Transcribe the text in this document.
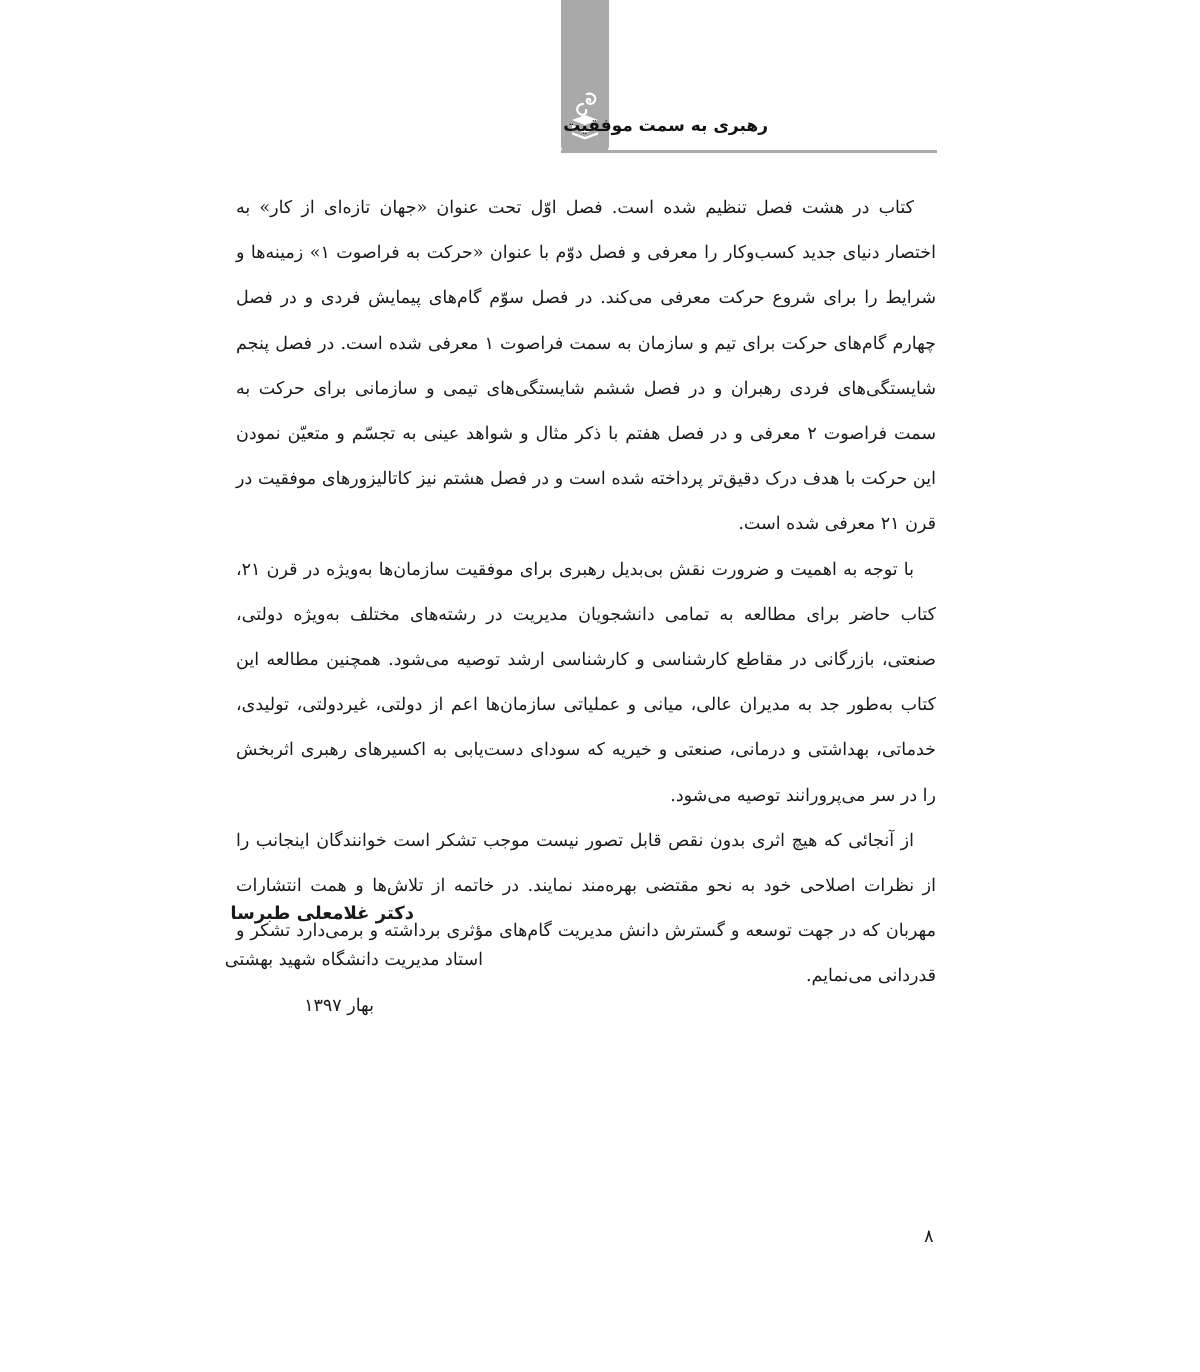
رهبری به سمت موفقیت

کتاب در هشت فصل تنظیم شده است. فصل اوّل تحت عنوان «جهان تازه‌ای از کار» به اختصار دنیای جدید کسب‌وکار را معرفی و فصل دوّم با عنوان «حرکت به فراصوت ۱» زمینه‌ها و شرایط را برای شروع حرکت معرفی می‌کند. در فصل سوّم گام‌های پیمایش فردی و در فصل چهارم گام‌های حرکت برای تیم و سازمان به سمت فراصوت ۱ معرفی شده است. در فصل پنجم شایستگی‌های فردی رهبران و در فصل ششم شایستگی‌های تیمی و سازمانی برای حرکت به سمت فراصوت ۲ معرفی و در فصل هفتم با ذکر مثال و شواهد عینی به تجسّم و متعیّن نمودن این حرکت با هدف درک دقیق‌تر پرداخته شده است و در فصل هشتم نیز کاتالیزورهای موفقیت در قرن ۲۱ معرفی شده است.

با توجه به اهمیت و ضرورت نقش بی‌بدیل رهبری برای موفقیت سازمان‌ها به‌ویژه در قرن ۲۱، کتاب حاضر برای مطالعه به تمامی دانشجویان مدیریت در رشته‌های مختلف به‌ویژه دولتی، صنعتی، بازرگانی در مقاطع کارشناسی و کارشناسی ارشد توصیه می‌شود. همچنین مطالعه این کتاب به‌طور جد به مدیران عالی، میانی و عملیاتی سازمان‌ها اعم از دولتی، غیردولتی، تولیدی، خدماتی، بهداشتی و درمانی، صنعتی و خیریه که سودای دست‌یابی به اکسیرهای رهبری اثربخش را در سر می‌پرورانند توصیه می‌شود.

از آنجائی که هیچ اثری بدون نقص قابل تصور نیست موجب تشکر است خوانندگان اینجانب را از نظرات اصلاحی خود به نحو مقتضی بهره‌مند نمایند. در خاتمه از تلاش‌ها و همت انتشارات مهربان که در جهت توسعه و گسترش دانش مدیریت گام‌های مؤثری برداشته و برمی‌دارد تشکر و قدردانی می‌نمایم.

دکتر غلامعلی طبرسا
استاد مدیریت دانشگاه شهید بهشتی
بهار ۱۳۹۷
۸
